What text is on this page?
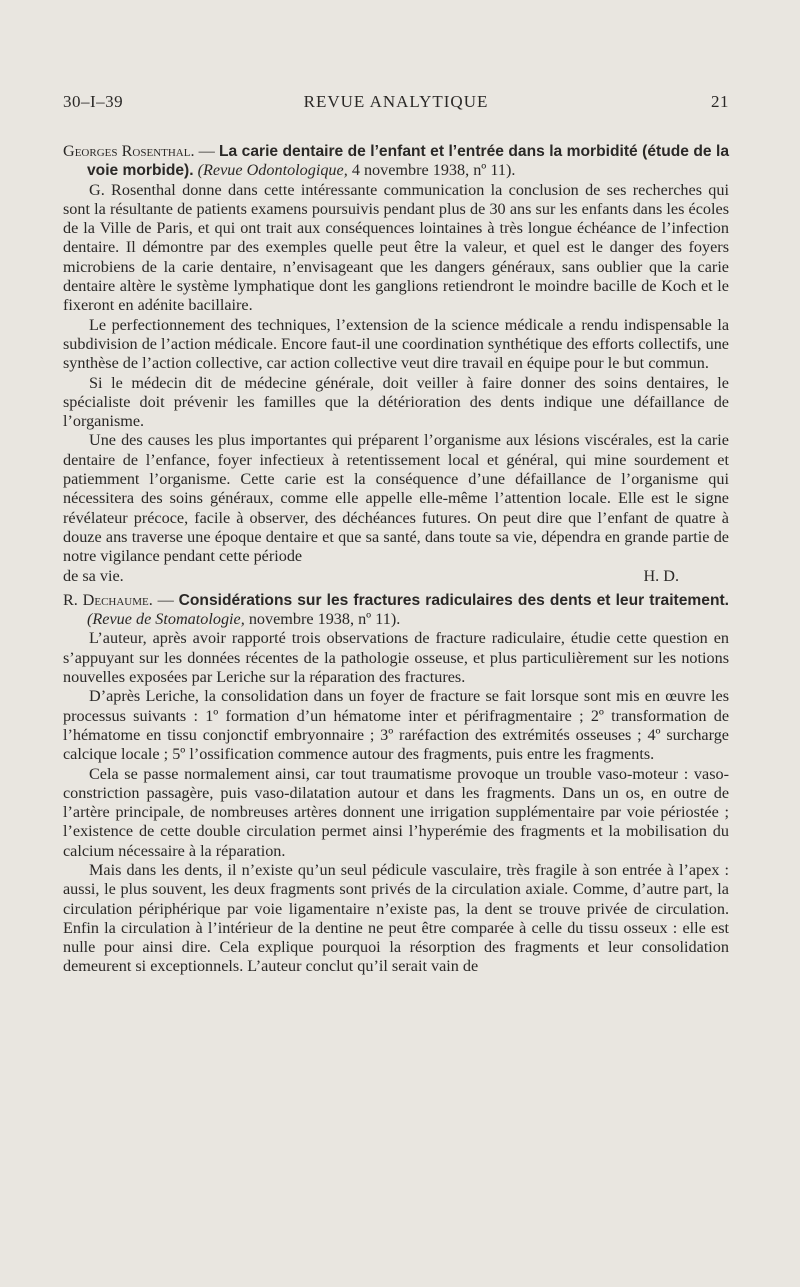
30–I–39	REVUE ANALYTIQUE	21

Georges Rosenthal. — La carie dentaire de l’enfant et l’entrée dans la morbidité (étude de la voie morbide). (Revue Odontologique, 4 novembre 1938, nº 11).

G. Rosenthal donne dans cette intéressante communication la conclusion de ses recherches qui sont la résultante de patients examens poursuivis pendant plus de 30 ans sur les enfants dans les écoles de la Ville de Paris, et qui ont trait aux conséquences lointaines à très longue échéance de l’infection dentaire. Il démontre par des exemples quelle peut être la valeur, et quel est le danger des foyers microbiens de la carie dentaire, n’envisageant que les dangers généraux, sans oublier que la carie dentaire altère le système lymphatique dont les ganglions retiendront le moindre bacille de Koch et le fixeront en adénite bacillaire.

Le perfectionnement des techniques, l’extension de la science médicale a rendu indispensable la subdivision de l’action médicale. Encore faut-il une coordination synthétique des efforts collectifs, une synthèse de l’action collective, car action collective veut dire travail en équipe pour le but commun.

Si le médecin dit de médecine générale, doit veiller à faire donner des soins dentaires, le spécialiste doit prévenir les familles que la détérioration des dents indique une défaillance de l’organisme.

Une des causes les plus importantes qui préparent l’organisme aux lésions viscérales, est la carie dentaire de l’enfance, foyer infectieux à retentissement local et général, qui mine sourdement et patiemment l’organisme. Cette carie est la conséquence d’une défaillance de l’organisme qui nécessitera des soins généraux, comme elle appelle elle-même l’attention locale. Elle est le signe révélateur précoce, facile à observer, des déchéances futures. On peut dire que l’enfant de quatre à douze ans traverse une époque dentaire et que sa santé, dans toute sa vie, dépendra en grande partie de notre vigilance pendant cette période

de sa vie.	H. D.

R. Dechaume. — Considérations sur les fractures radiculaires des dents et leur traitement. (Revue de Stomatologie, novembre 1938, nº 11).

L’auteur, après avoir rapporté trois observations de fracture radiculaire, étudie cette question en s’appuyant sur les données récentes de la pathologie osseuse, et plus particulièrement sur les notions nouvelles exposées par Leriche sur la réparation des fractures.

D’après Leriche, la consolidation dans un foyer de fracture se fait lorsque sont mis en œuvre les processus suivants : 1º formation d’un hématome inter et périfragmentaire ; 2º transformation de l’hématome en tissu conjonctif embryonnaire ; 3º raréfaction des extrémités osseuses ; 4º surcharge calcique locale ; 5º l’ossification commence autour des fragments, puis entre les fragments.

Cela se passe normalement ainsi, car tout traumatisme provoque un trouble vaso-moteur : vaso-constriction passagère, puis vaso-dilatation autour et dans les fragments. Dans un os, en outre de l’artère principale, de nombreuses artères donnent une irrigation supplémentaire par voie périostée ; l’existence de cette double circulation permet ainsi l’hyperémie des fragments et la mobilisation du calcium nécessaire à la réparation.

Mais dans les dents, il n’existe qu’un seul pédicule vasculaire, très fragile à son entrée à l’apex : aussi, le plus souvent, les deux fragments sont privés de la circulation axiale. Comme, d’autre part, la circulation périphérique par voie ligamentaire n’existe pas, la dent se trouve privée de circulation. Enfin la circulation à l’intérieur de la dentine ne peut être comparée à celle du tissu osseux : elle est nulle pour ainsi dire. Cela explique pourquoi la résorption des fragments et leur consolidation demeurent si exceptionnels. L’auteur conclut qu’il serait vain de
